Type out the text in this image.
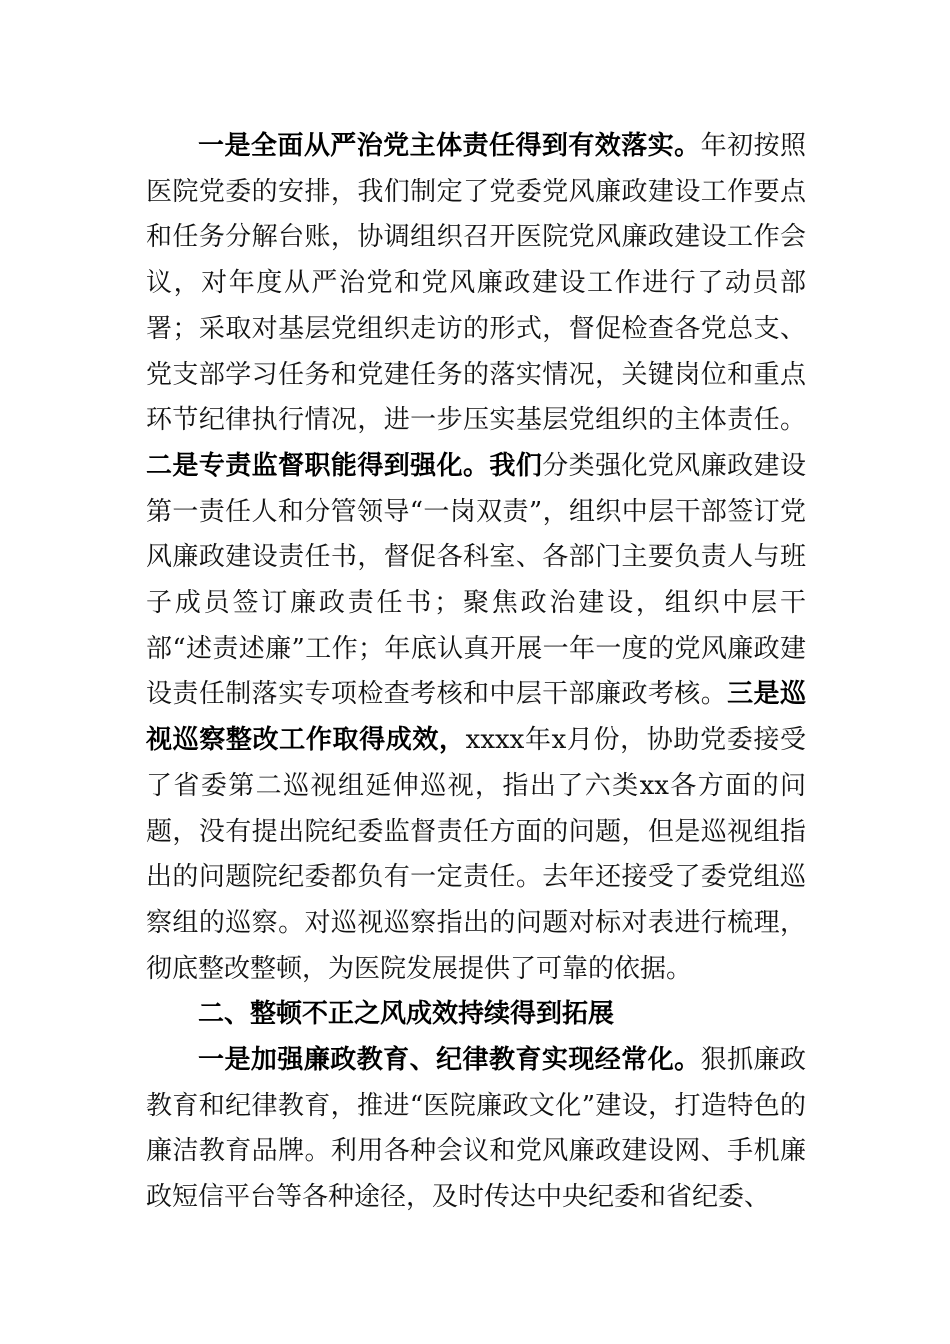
一是全面从严治党主体责任得到有效落实。年初按照医院党委的安排，我们制定了党委党风廉政建设工作要点和任务分解台账，协调组织召开医院党风廉政建设工作会议，对年度从严治党和党风廉政建设工作进行了动员部署；采取对基层党组织走访的形式，督促检查各党总支、党支部学习任务和党建任务的落实情况，关键岗位和重点环节纪律执行情况，进一步压实基层党组织的主体责任。二是专责监督职能得到强化。我们分类强化党风廉政建设第一责任人和分管领导“一岗双责”，组织中层干部签订党风廉政建设责任书，督促各科室、各部门主要负责人与班子成员签订廉政责任书；聚焦政治建设，组织中层干部“述责述廉”工作；年底认真开展一年一度的党风廉政建设责任制落实专项检查考核和中层干部廉政考核。三是巡视巡察整改工作取得成效，xxxx年x月份，协助党委接受了省委第二巡视组延伸巡视，指出了六类xx各方面的问题，没有提出院纪委监督责任方面的问题，但是巡视组指出的问题院纪委都负有一定责任。去年还接受了委党组巡察组的巡察。对巡视巡察指出的问题对标对表进行梳理，彻底整改整顿，为医院发展提供了可靠的依据。

二、整顿不正之风成效持续得到拓展

一是加强廉政教育、纪律教育实现经常化。狠抓廉政教育和纪律教育，推进“医院廉政文化”建设，打造特色的廉洁教育品牌。利用各种会议和党风廉政建设网、手机廉政短信平台等各种途径，及时传达中央纪委和省纪委、
